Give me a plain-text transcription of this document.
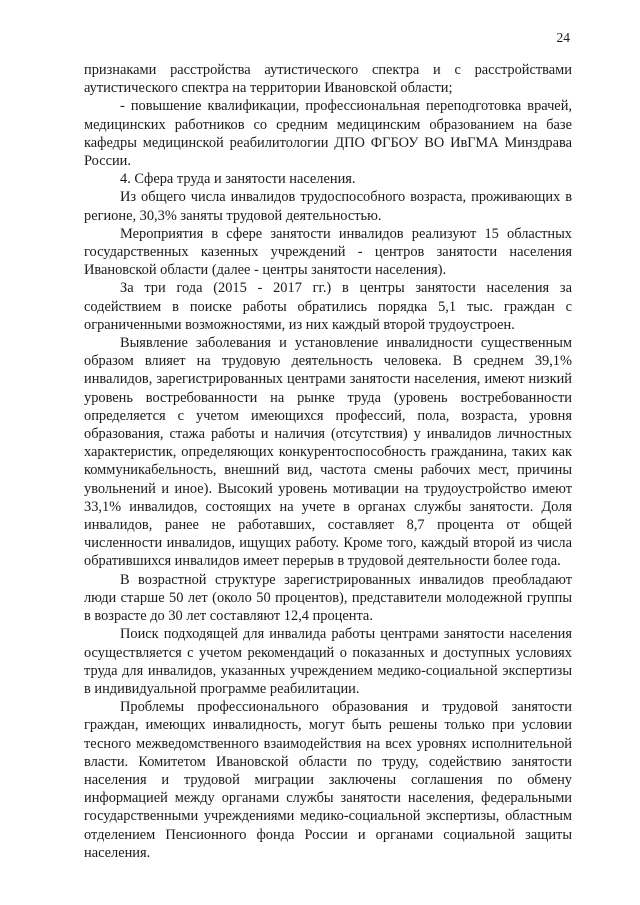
24

признаками расстройства аутистического спектра и с расстройствами аутистического спектра на территории Ивановской области;

- повышение квалификации, профессиональная переподготовка врачей, медицинских работников со средним медицинским образованием на базе кафедры медицинской реабилитологии ДПО ФГБОУ ВО ИвГМА Минздрава России.

4. Сфера труда и занятости населения.

Из общего числа инвалидов трудоспособного возраста, проживающих в регионе, 30,3% заняты трудовой деятельностью.

Мероприятия в сфере занятости инвалидов реализуют 15 областных государственных казенных учреждений - центров занятости населения Ивановской области (далее - центры занятости населения).

За три года (2015 - 2017 гг.) в центры занятости населения за содействием в поиске работы обратились порядка 5,1 тыс. граждан с ограниченными возможностями, из них каждый второй трудоустроен.

Выявление заболевания и установление инвалидности существенным образом влияет на трудовую деятельность человека. В среднем 39,1% инвалидов, зарегистрированных центрами занятости населения, имеют низкий уровень востребованности на рынке труда (уровень востребованности определяется с учетом имеющихся профессий, пола, возраста, уровня образования, стажа работы и наличия (отсутствия) у инвалидов личностных характеристик, определяющих конкурентоспособность гражданина, таких как коммуникабельность, внешний вид, частота смены рабочих мест, причины увольнений и иное). Высокий уровень мотивации на трудоустройство имеют 33,1% инвалидов, состоящих на учете в органах службы занятости. Доля инвалидов, ранее не работавших, составляет 8,7 процента от общей численности инвалидов, ищущих работу. Кроме того, каждый второй из числа обратившихся инвалидов имеет перерыв в трудовой деятельности более года.

В возрастной структуре зарегистрированных инвалидов преобладают люди старше 50 лет (около 50 процентов), представители молодежной группы в возрасте до 30 лет составляют 12,4 процента.

Поиск подходящей для инвалида работы центрами занятости населения осуществляется с учетом рекомендаций о показанных и доступных условиях труда для инвалидов, указанных учреждением медико-социальной экспертизы в индивидуальной программе реабилитации.

Проблемы профессионального образования и трудовой занятости граждан, имеющих инвалидность, могут быть решены только при условии тесного межведомственного взаимодействия на всех уровнях исполнительной власти. Комитетом Ивановской области по труду, содействию занятости населения и трудовой миграции заключены соглашения по обмену информацией между органами службы занятости населения, федеральными государственными учреждениями медико-социальной экспертизы, областным отделением Пенсионного фонда России и органами социальной защиты населения.
